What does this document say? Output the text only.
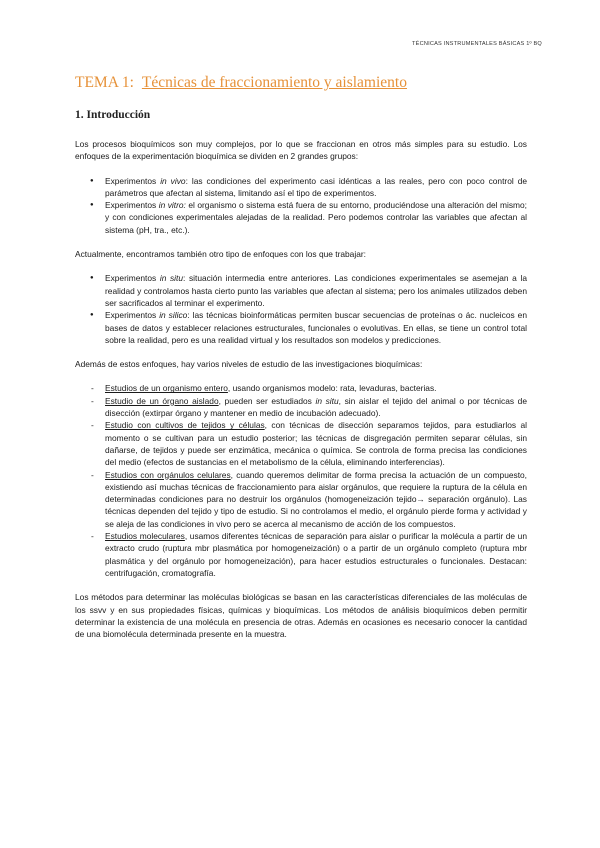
TÉCNICAS INSTRUMENTALES BÁSICAS 1º BQ
TEMA 1: Técnicas de fraccionamiento y aislamiento
1. Introducción

Los procesos bioquímicos son muy complejos, por lo que se fraccionan en otros más simples para su estudio. Los enfoques de la experimentación bioquímica se dividen en 2 grandes grupos:

● Experimentos in vivo: las condiciones del experimento casi idénticas a las reales, pero con poco control de parámetros que afectan al sistema, limitando así el tipo de experimentos.
● Experimentos in vitro: el organismo o sistema está fuera de su entorno, produciéndose una alteración del mismo; y con condiciones experimentales alejadas de la realidad. Pero podemos controlar las variables que afectan al sistema (pH, tra., etc.).

Actualmente, encontramos también otro tipo de enfoques con los que trabajar:

● Experimentos in situ: situación intermedia entre anteriores. Las condiciones experimentales se asemejan a la realidad y controlamos hasta cierto punto las variables que afectan al sistema; pero los animales utilizados deben ser sacrificados al terminar el experimento.
● Experimentos in silico: las técnicas bioinformáticas permiten buscar secuencias de proteínas o ác. nucleicos en bases de datos y establecer relaciones estructurales, funcionales o evolutivas. En ellas, se tiene un control total sobre la realidad, pero es una realidad virtual y los resultados son modelos y predicciones.

Además de estos enfoques, hay varios niveles de estudio de las investigaciones bioquímicas:

- Estudios de un organismo entero, usando organismos modelo: rata, levaduras, bacterias.
- Estudio de un órgano aislado, pueden ser estudiados in situ, sin aislar el tejido del animal o por técnicas de disección (extirpar órgano y mantener en medio de incubación adecuado).
- Estudio con cultivos de tejidos y células, con técnicas de disección separamos tejidos, para estudiarlos al momento o se cultivan para un estudio posterior; las técnicas de disgregación permiten separar células, sin dañarse, de tejidos y puede ser enzimática, mecánica o química. Se controla de forma precisa las condiciones del medio (efectos de sustancias en el metabolismo de la célula, eliminando interferencias).
- Estudios con orgánulos celulares, cuando queremos delimitar de forma precisa la actuación de un compuesto, existiendo así muchas técnicas de fraccionamiento para aislar orgánulos, que requiere la ruptura de la célula en determinadas condiciones para no destruir los orgánulos (homogeneización tejido→ separación orgánulo). Las técnicas dependen del tejido y tipo de estudio. Si no controlamos el medio, el orgánulo pierde forma y actividad y se aleja de las condiciones in vivo pero se acerca al mecanismo de acción de los compuestos.
- Estudios moleculares, usamos diferentes técnicas de separación para aislar o purificar la molécula a partir de un extracto crudo (ruptura mbr plasmática por homogeneización) o a partir de un orgánulo completo (ruptura mbr plasmática y del orgánulo por homogeneización), para hacer estudios estructurales o funcionales. Destacan: centrifugación, cromatografía.

Los métodos para determinar las moléculas biológicas se basan en las características diferenciales de las moléculas de los ssvv y en sus propiedades físicas, químicas y bioquímicas. Los métodos de análisis bioquímicos deben permitir determinar la existencia de una molécula en presencia de otras. Además en ocasiones es necesario conocer la cantidad de una biomolécula determinada presente en la muestra.
